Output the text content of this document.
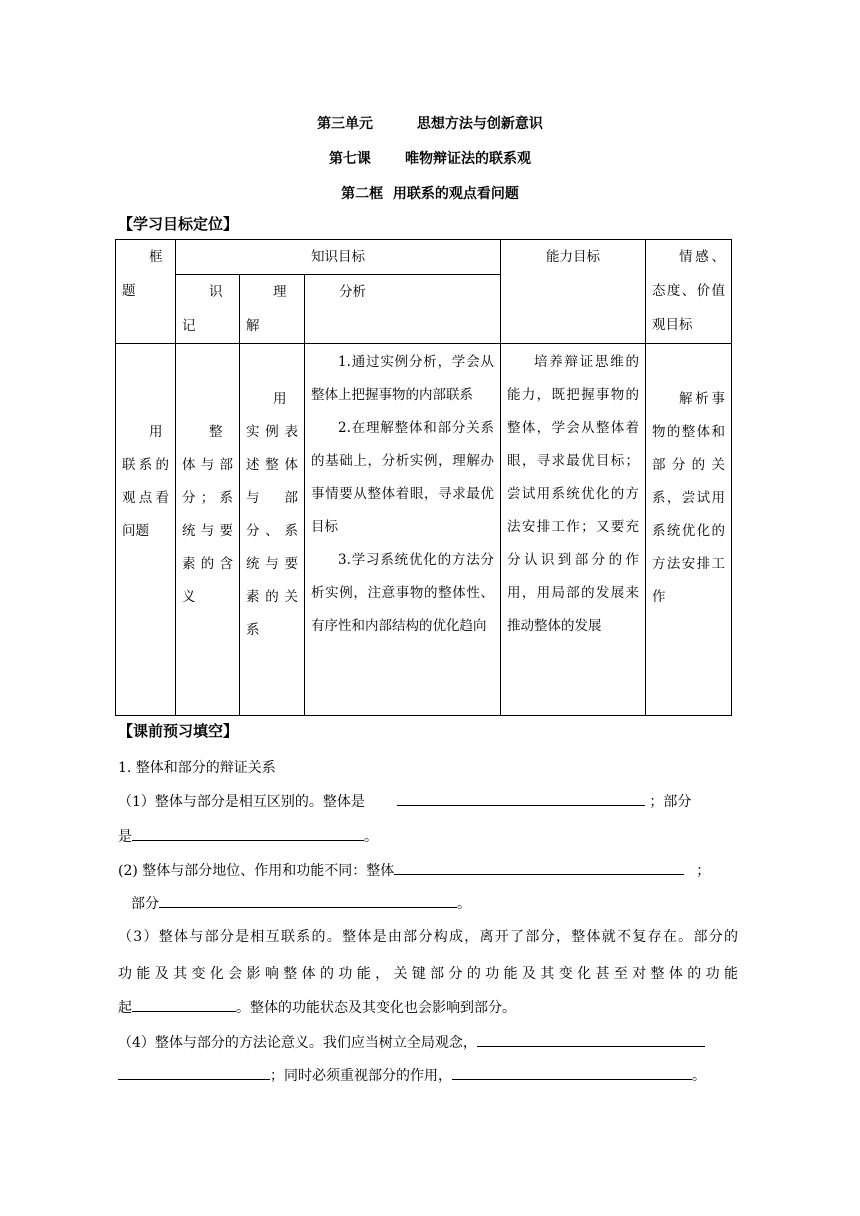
第三单元         思想方法与创新意识
第七课       唯物辩证法的联系观
第二框  用联系的观点看问题
【学习目标定位】
框题	知识目标			能力目标	情感、态度、价值观目标

	识记	理解	分析		

用联系的观点看问题	整体与部分；系统与要素的含义	用实例表述整体与部分、系统与要素的关系	1.通过实例分析，学会从整体上把握事物的内部联系
2.在理解整体和部分关系的基础上，分析实例，理解办事情要从整体着眼，寻求最优目标
3.学习系统优化的方法分析实例，注意事物的整体性、有序性和内部结构的优化趋向	培养辩证思维的能力，既把握事物的整体，学会从整体着眼，寻求最优目标；尝试用系统优化的方法安排工作；又要充分认识到部分的作用，用局部的发展来推动整体的发展	解析事物的整体和部分的关系，尝试用系统优化的方法安排工作
【课前预习填空】
1. 整体和部分的辩证关系
（1）整体与部分是相互区别的。整体是	；部分
是	。
(2) 整体与部分地位、作用和功能不同：整体	；
部分	。
（3）整体与部分是相互联系的。整体是由部分构成，离开了部分，整体就不复存在。部分的
功能及其变化会影响整体的功能，关键部分的功能及其变化甚至对整体的功能
起	。整体的功能状态及其变化也会影响到部分。
（4）整体与部分的方法论意义。我们应当树立全局观念，
；同时必须重视部分的作用，	。
